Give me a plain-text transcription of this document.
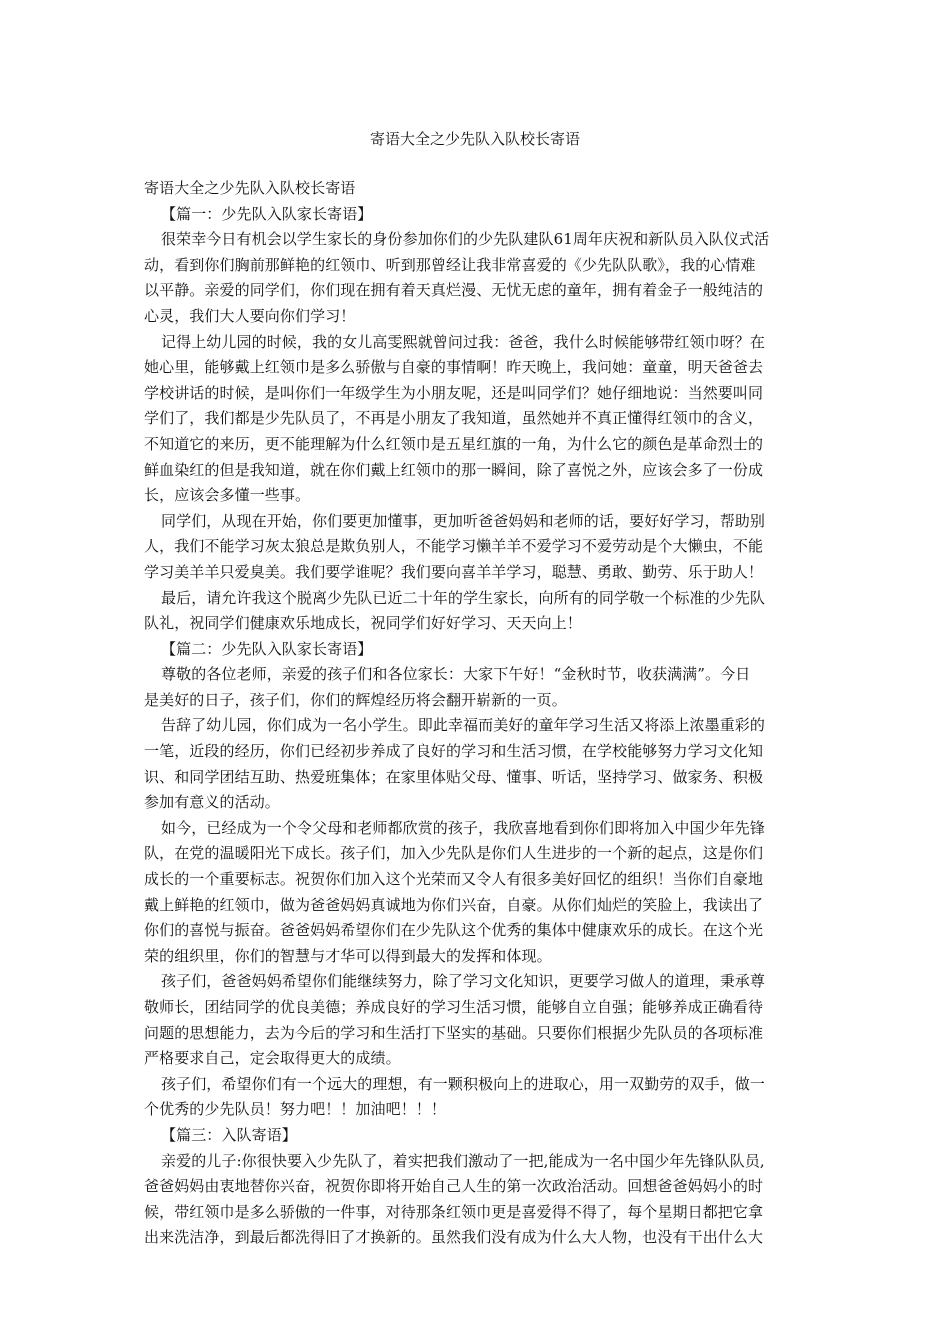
寄语大全之少先队入队校长寄语
寄语大全之少先队入队校长寄语
【篇一：少先队入队家长寄语】
很荣幸今日有机会以学生家长的身份参加你们的少先队建队61周年庆祝和新队员入队仪式活
动，看到你们胸前那鲜艳的红领巾、听到那曾经让我非常喜爱的《少先队队歌》，我的心情难
以平静。亲爱的同学们，你们现在拥有着天真烂漫、无忧无虑的童年，拥有着金子一般纯洁的
心灵，我们大人要向你们学习！
记得上幼儿园的时候，我的女儿高雯熙就曾问过我：爸爸，我什么时候能够带红领巾呀？在
她心里，能够戴上红领巾是多么骄傲与自豪的事情啊！昨天晚上，我问她：童童，明天爸爸去
学校讲话的时候，是叫你们一年级学生为小朋友呢，还是叫同学们？她仔细地说：当然要叫同
学们了，我们都是少先队员了，不再是小朋友了我知道，虽然她并不真正懂得红领巾的含义，
不知道它的来历，更不能理解为什么红领巾是五星红旗的一角，为什么它的颜色是革命烈士的
鲜血染红的但是我知道，就在你们戴上红领巾的那一瞬间，除了喜悦之外，应该会多了一份成
长，应该会多懂一些事。
同学们，从现在开始，你们要更加懂事，更加听爸爸妈妈和老师的话，要好好学习，帮助别
人，我们不能学习灰太狼总是欺负别人，不能学习懒羊羊不爱学习不爱劳动是个大懒虫，不能
学习美羊羊只爱臭美。我们要学谁呢？我们要向喜羊羊学习，聪慧、勇敢、勤劳、乐于助人！
最后，请允许我这个脱离少先队已近二十年的学生家长，向所有的同学敬一个标准的少先队
队礼，祝同学们健康欢乐地成长，祝同学们好好学习、天天向上！
【篇二：少先队入队家长寄语】
尊敬的各位老师，亲爱的孩子们和各位家长：大家下午好！“金秋时节，收获满满”。今日
是美好的日子，孩子们，你们的辉煌经历将会翻开崭新的一页。
告辞了幼儿园，你们成为一名小学生。即此幸福而美好的童年学习生活又将添上浓墨重彩的
一笔，近段的经历，你们已经初步养成了良好的学习和生活习惯，在学校能够努力学习文化知
识、和同学团结互助、热爱班集体；在家里体贴父母、懂事、听话，坚持学习、做家务、积极
参加有意义的活动。
如今，已经成为一个令父母和老师都欣赏的孩子，我欣喜地看到你们即将加入中国少年先锋
队，在党的温暖阳光下成长。孩子们，加入少先队是你们人生进步的一个新的起点，这是你们
成长的一个重要标志。祝贺你们加入这个光荣而又令人有很多美好回忆的组织！当你们自豪地
戴上鲜艳的红领巾，做为爸爸妈妈真诚地为你们兴奋，自豪。从你们灿烂的笑脸上，我读出了
你们的喜悦与振奋。爸爸妈妈希望你们在少先队这个优秀的集体中健康欢乐的成长。在这个光
荣的组织里，你们的智慧与才华可以得到最大的发挥和体现。
孩子们，爸爸妈妈希望你们能继续努力，除了学习文化知识，更要学习做人的道理，秉承尊
敬师长，团结同学的优良美德；养成良好的学习生活习惯，能够自立自强；能够养成正确看待
问题的思想能力，去为今后的学习和生活打下坚实的基础。只要你们根据少先队员的各项标准
严格要求自己，定会取得更大的成绩。
孩子们，希望你们有一个远大的理想，有一颗积极向上的进取心，用一双勤劳的双手，做一
个优秀的少先队员！努力吧！！加油吧！！！
【篇三：入队寄语】
亲爱的儿子:你很快要入少先队了，着实把我们激动了一把,能成为一名中国少年先锋队队员,
爸爸妈妈由衷地替你兴奋，祝贺你即将开始自己人生的第一次政治活动。回想爸爸妈妈小的时
候，带红领巾是多么骄傲的一件事，对待那条红领巾更是喜爱得不得了，每个星期日都把它拿
出来洗洁净，到最后都洗得旧了才换新的。虽然我们没有成为什么大人物，也没有干出什么大
